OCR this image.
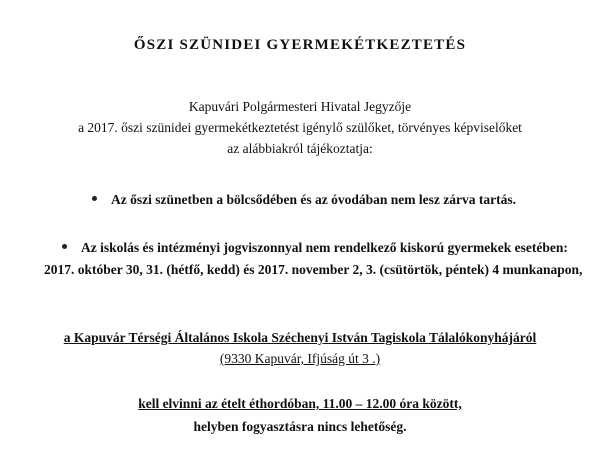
ŐSZI SZÜNIDEI GYERMEKÉTKEZTETÉS
Kapuvári Polgármesteri Hivatal Jegyzője
a 2017. őszi szünidei gyermekétkeztetést igénylő szülőket, törvényes képviselőket
az alábbiakról tájékoztatja:
Az őszi szünetben a bölcsődében és az óvodában nem lesz zárva tartás.
Az iskolás és intézményi jogviszonnyal nem rendelkező kiskorú gyermekek esetében:
2017. október 30, 31. (hétfő, kedd) és 2017. november 2, 3. (csütörtök, péntek) 4 munkanapon,
a Kapuvár Térségi Általános Iskola Széchenyi István Tagiskola Tálalókonyhájáról
(9330 Kapuvár, Ifjúság út 3 .)
kell elvinni az ételt éthordóban, 11.00 – 12.00 óra között,
helyben fogyasztásra nincs lehetőség.
